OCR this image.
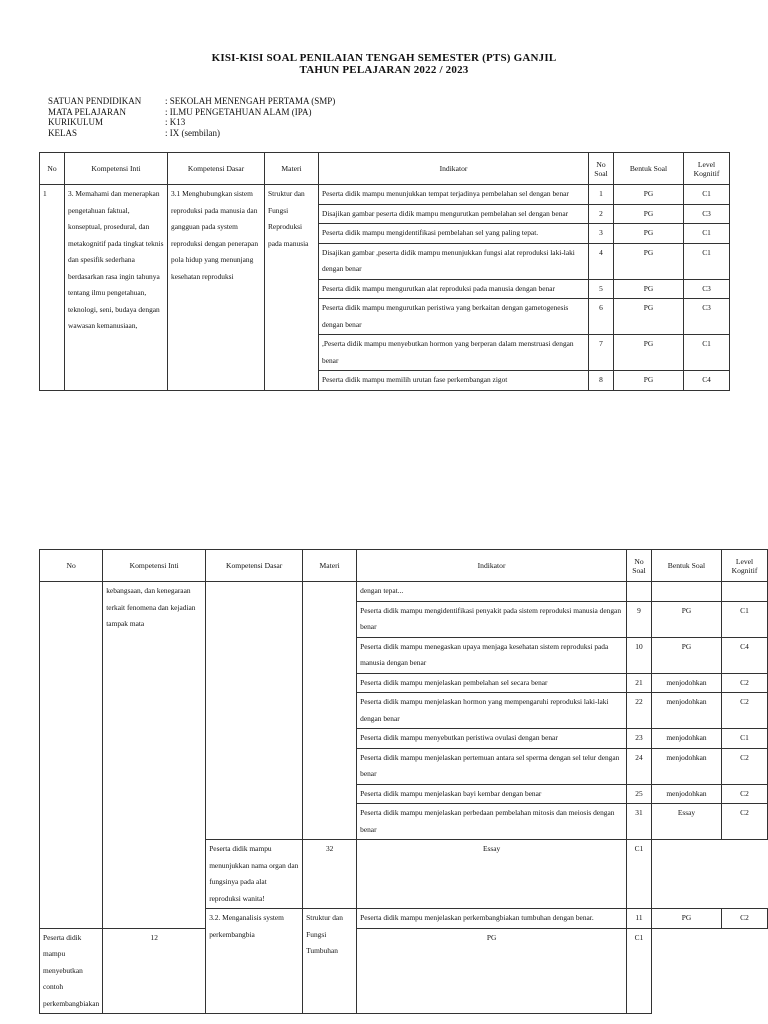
KISI-KISI SOAL PENILAIAN TENGAH SEMESTER (PTS) GANJIL
TAHUN PELAJARAN 2022 / 2023
SATUAN PENDIDIKAN	: SEKOLAH MENENGAH PERTAMA (SMP)
MATA PELAJARAN	: ILMU PENGETAHUAN ALAM (IPA)
KURIKULUM	: K13
KELAS	: IX (sembilan)
No	Kompetensi Inti	Kompetensi Dasar	Materi	Indikator	No Soal	Bentuk Soal	Level Kognitif
1	3. Memahami dan menerapkan pengetahuan faktual, konseptual, prosedural, dan metakognitif pada tingkat teknis dan spesifik sederhana berdasarkan rasa ingin tahunya tentang ilmu pengetahuan, teknologi, seni, budaya dengan wawasan kemanusiaan,	3.1 Menghubungkan sistem reproduksi pada manusia dan gangguan pada system reproduksi dengan penerapan pola hidup yang menunjang kesehatan reproduksi	Struktur dan Fungsi Reproduksi pada manusia	Peserta didik mampu menunjukkan tempat terjadinya pembelahan sel dengan benar	1	PG	C1
				Disajikan gambar peserta didik mampu mengurutkan pembelahan sel dengan benar	2	PG	C3
				Peserta didik mampu mengidentifikasi pembelahan sel yang paling tepat.	3	PG	C1
				Disajikan gambar ,peserta didik mampu menunjukkan fungsi alat reproduksi laki-laki dengan benar	4	PG	C1
				Peserta didik mampu mengurutkan alat reproduksi pada manusia dengan benar	5	PG	C3
				Peserta didik mampu mengurutkan peristiwa yang berkaitan dengan gametogenesis dengan benar	6	PG	C3
				,Peserta didik mampu menyebutkan hormon yang berperan dalam menstruasi dengan benar	7	PG	C1
				Peserta didik mampu memilih urutan fase perkembangan zigot	8	PG	C4
No	Kompetensi Inti	Kompetensi Dasar	Materi	Indikator	No Soal	Bentuk Soal	Level Kognitif
	kebangsaan, dan kenegaraan terkait fenomena dan kejadian tampak mata			dengan tepat...			
				Peserta didik mampu mengidentifikasi penyakit pada sistem reproduksi manusia dengan benar	9	PG	C1
				Peserta didik mampu menegaskan upaya menjaga kesehatan sistem reproduksi pada manusia dengan benar	10	PG	C4
				Peserta didik mampu menjelaskan pembelahan sel secara benar	21	menjodohkan	C2
				Peserta didik mampu menjelaskan hormon yang mempengaruhi reproduksi laki-laki dengan benar	22	menjodohkan	C2
				Peserta didik mampu menyebutkan peristiwa ovulasi dengan benar	23	menjodohkan	C1
				Peserta didik mampu menjelaskan pertemuan antara sel sperma dengan sel telur dengan benar	24	menjodohkan	C2
				Peserta didik mampu menjelaskan bayi kembar dengan benar	25	menjodohkan	C2
				Peserta didik mampu menjelaskan perbedaan pembelahan mitosis dan meiosis dengan benar	31	Essay	C2
		Peserta didik mampu menunjukkan nama organ dan fungsinya pada alat reproduksi wanita!	32	Essay	C1		
		3.2. Menganalisis system perkembangbia	Struktur dan Fungsi Tumbuhan	Peserta didik mampu menjelaskan perkembangbiakan tumbuhan dengan benar.	11	PG	C2
Peserta didik mampu menyebutkan contoh perkembangbiakan	12			PG	C1		
